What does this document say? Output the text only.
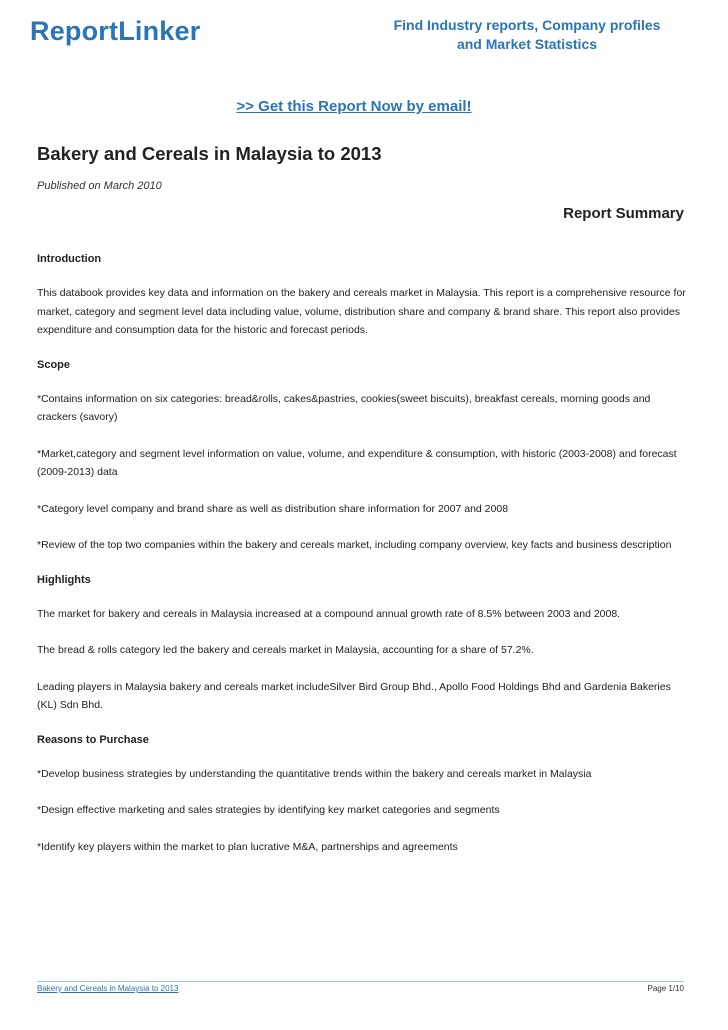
ReportLinker	Find Industry reports, Company profiles
and Market Statistics
>> Get this Report Now by email!
Bakery and Cereals in Malaysia to 2013
Published on March 2010
Report Summary
Introduction

This databook provides key data and information on the bakery and cereals market in Malaysia. This report is a comprehensive resource for market, category and segment level data including value, volume, distribution share and company & brand share. This report also provides expenditure and consumption data for the historic and forecast periods.

Scope

*Contains information on six categories: bread&rolls, cakes&pastries, cookies(sweet biscuits), breakfast cereals, morning goods and crackers (savory)

*Market,category and segment level information on value, volume, and expenditure & consumption, with historic (2003-2008) and forecast (2009-2013) data

*Category level company and brand share as well as distribution share information for 2007 and 2008

*Review of the top two companies within the bakery and cereals market, including company overview, key facts and business description

Highlights

The market for bakery and cereals in Malaysia increased at a compound annual growth rate of 8.5% between 2003 and 2008.

The bread & rolls category led the bakery and cereals market in Malaysia, accounting for a share of 57.2%.

Leading players in Malaysia bakery and cereals market includeSilver Bird Group Bhd., Apollo Food Holdings Bhd and Gardenia Bakeries (KL) Sdn Bhd.

Reasons to Purchase

*Develop business strategies by understanding the quantitative trends within the bakery and cereals market in Malaysia

*Design effective marketing and sales strategies by identifying key market categories and segments

*Identify key players within the market to plan lucrative M&A, partnerships and agreements

Bakery and Cereals in Malaysia to 2013	Page 1/10
